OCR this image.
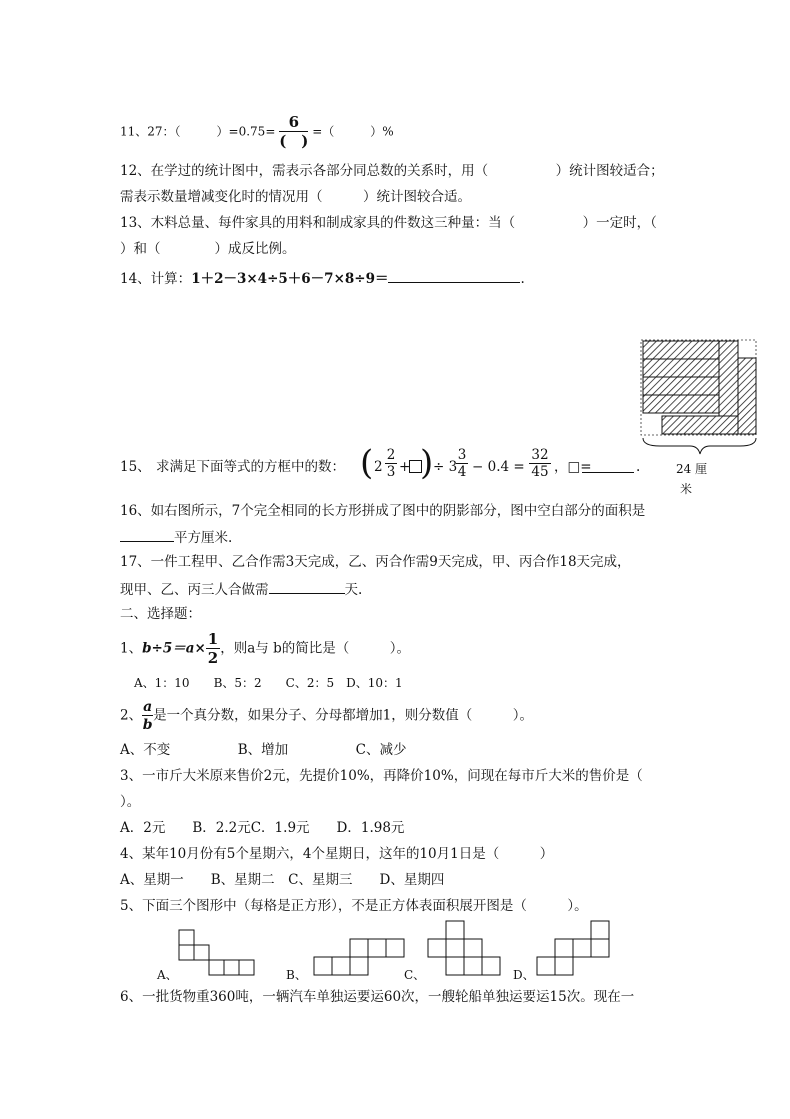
11、27：（　　　）$=0.75= \frac{6}{( )}$ =（　　　）%
12、在学过的统计图中，需表示各部分同总数的关系时，用（　　　　　）统计图较适合；
需表示数量增减变化时的情况用（　　　）统计图较合适。
13、木料总量、每件家具的用料和制成家具的件数这三种量：当（　　　　　）一定时，（
）和（　　　　）成反比例。
14、计算：1＋2－3×4÷5＋6－7×8÷9＝	.
24 厘
米
15、 求满足下面等式的方框中的数： ( $2 \frac{2}{3}$ + ) ÷ 3
$\frac{3}{4} - 0.4 = \frac{32}{45}$ ，□=	.
16、如右图所示，7个完全相同的长方形拼成了图中的阴影部分，图中空白部分的面积是
平方厘米.
17、一件工程甲、乙合作需3天完成，乙、丙合作需9天完成，甲、丙合作18天完成，
现甲、乙、丙三人合做需	天.
二、选择题：
1、$b\div 5=a\times \frac{1}{2}$ ，则a与 b的简比是（　　　）。
A、1：10　　B、5：2　　C、2：5　D、10：1
2、 $\frac{a}{b}$ 是一个真分数，如果分子、分母都增加1，则分数值（　　　）。
A、不变　　　　　B、增加　　　　　C、减少
3、一市斤大米原来售价2元，先提价10%，再降价10%，问现在每市斤大米的售价是（
）。
A．2元　　B．2.2元C．1.9元　　D．1.98元
4、某年10月份有5个星期六，4个星期日，这年的10月1日是（　　　）
A、星期一　　B、星期二　C、星期三　　D、星期四
5、下面三个图形中（每格是正方形），不是正方体表面积展开图是（　　　）。
A、	B、	C、	D、
6、一批货物重360吨，一辆汽车单独运要运60次，一艘轮船单独运要运15次。现在一
